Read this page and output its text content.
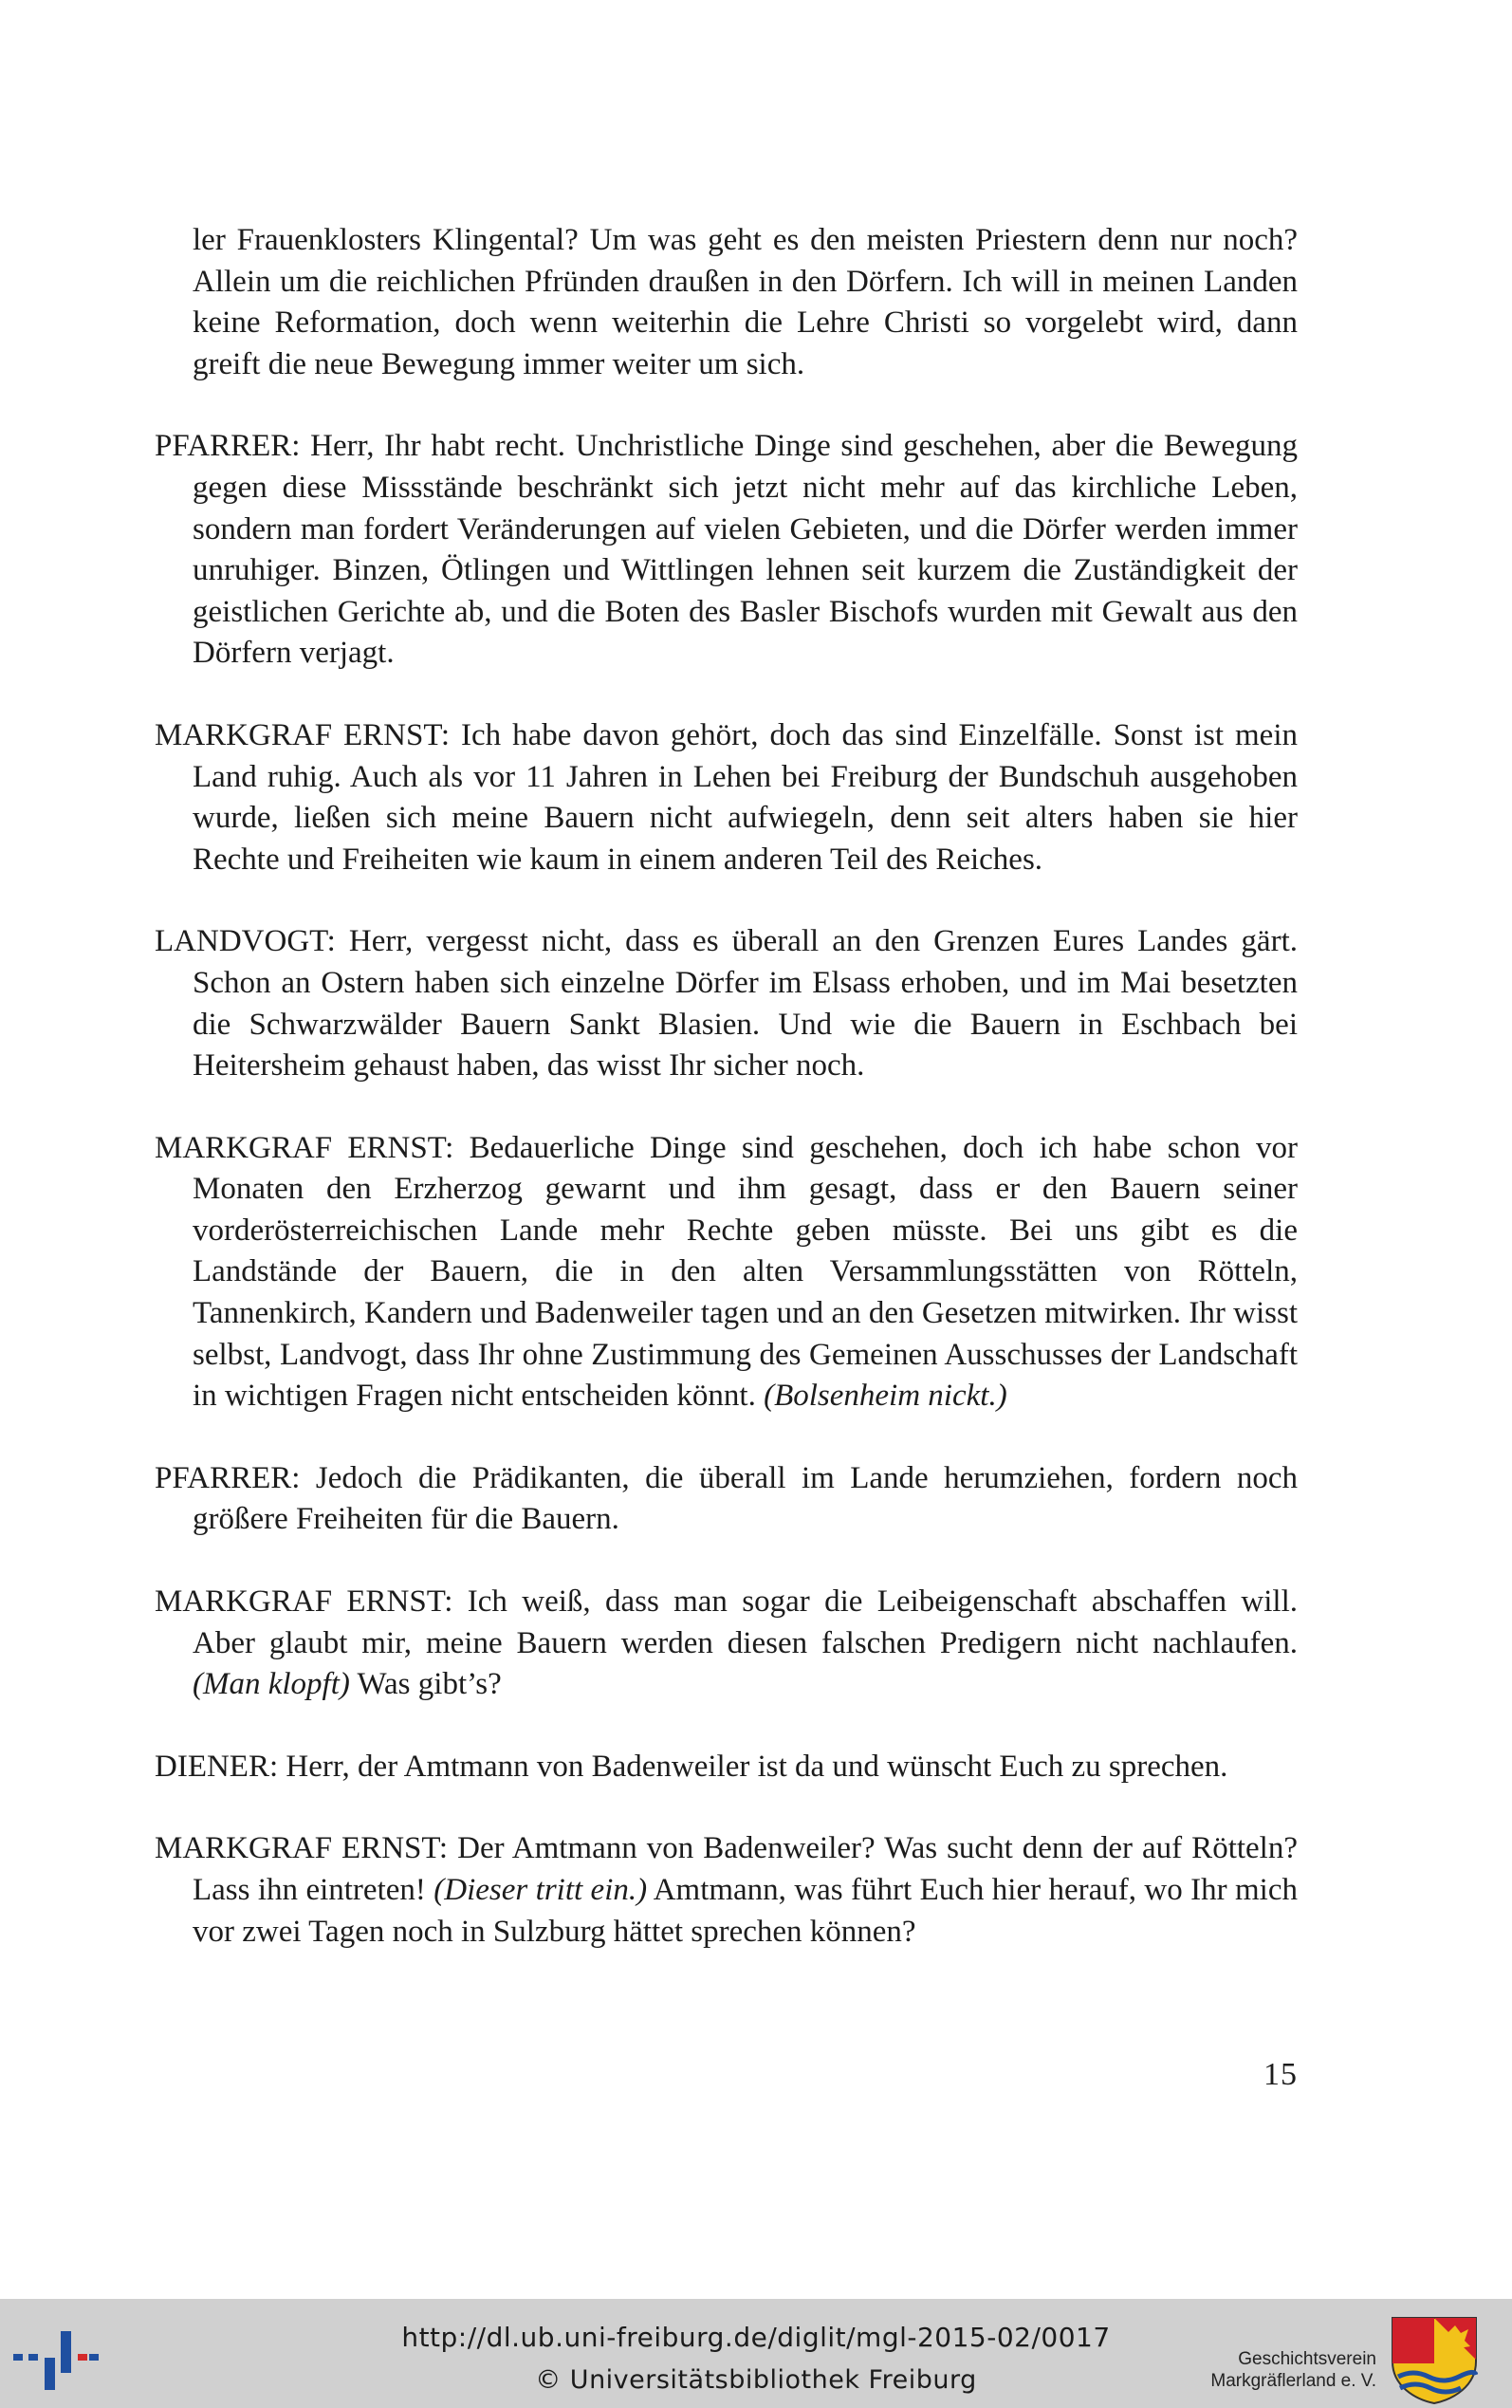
ler Frauenklosters Klingental? Um was geht es den meisten Priestern denn nur noch? Allein um die reichlichen Pfründen draußen in den Dörfern. Ich will in meinen Landen keine Reformation, doch wenn weiterhin die Lehre Christi so vorgelebt wird, dann greift die neue Bewegung immer weiter um sich.

PFARRER: Herr, Ihr habt recht. Unchristliche Dinge sind geschehen, aber die Bewegung gegen diese Missstände beschränkt sich jetzt nicht mehr auf das kirchliche Leben, sondern man fordert Veränderungen auf vielen Gebieten, und die Dörfer werden immer unruhiger. Binzen, Ötlingen und Wittlingen lehnen seit kurzem die Zuständigkeit der geistlichen Gerichte ab, und die Boten des Basler Bischofs wurden mit Gewalt aus den Dörfern verjagt.

MARKGRAF ERNST: Ich habe davon gehört, doch das sind Einzelfälle. Sonst ist mein Land ruhig. Auch als vor 11 Jahren in Lehen bei Freiburg der Bundschuh ausgehoben wurde, ließen sich meine Bauern nicht aufwiegeln, denn seit alters haben sie hier Rechte und Freiheiten wie kaum in einem anderen Teil des Reiches.

LANDVOGT: Herr, vergesst nicht, dass es überall an den Grenzen Eures Landes gärt. Schon an Ostern haben sich einzelne Dörfer im Elsass erhoben, und im Mai besetzten die Schwarzwälder Bauern Sankt Blasien. Und wie die Bauern in Eschbach bei Heitersheim gehaust haben, das wisst Ihr sicher noch.

MARKGRAF ERNST: Bedauerliche Dinge sind geschehen, doch ich habe schon vor Monaten den Erzherzog gewarnt und ihm gesagt, dass er den Bauern seiner vorderösterreichischen Lande mehr Rechte geben müsste. Bei uns gibt es die Landstände der Bauern, die in den alten Versammlungsstätten von Rötteln, Tannenkirch, Kandern und Badenweiler tagen und an den Gesetzen mitwirken. Ihr wisst selbst, Landvogt, dass Ihr ohne Zustimmung des Gemeinen Ausschusses der Landschaft in wichtigen Fragen nicht entscheiden könnt. (Bolsenheim nickt.)

PFARRER: Jedoch die Prädikanten, die überall im Lande herumziehen, fordern noch größere Freiheiten für die Bauern.

MARKGRAF ERNST: Ich weiß, dass man sogar die Leibeigenschaft abschaffen will. Aber glaubt mir, meine Bauern werden diesen falschen Predigern nicht nachlaufen. (Man klopft) Was gibt’s?

DIENER: Herr, der Amtmann von Badenweiler ist da und wünscht Euch zu sprechen.

MARKGRAF ERNST: Der Amtmann von Badenweiler? Was sucht denn der auf Rötteln? Lass ihn eintreten! (Dieser tritt ein.) Amtmann, was führt Euch hier herauf, wo Ihr mich vor zwei Tagen noch in Sulzburg hättet sprechen können?

15
http://dl.ub.uni-freiburg.de/diglit/mgl-2015-02/0017
© Universitätsbibliothek Freiburg
Geschichtsverein
Markgräflerland e. V.
